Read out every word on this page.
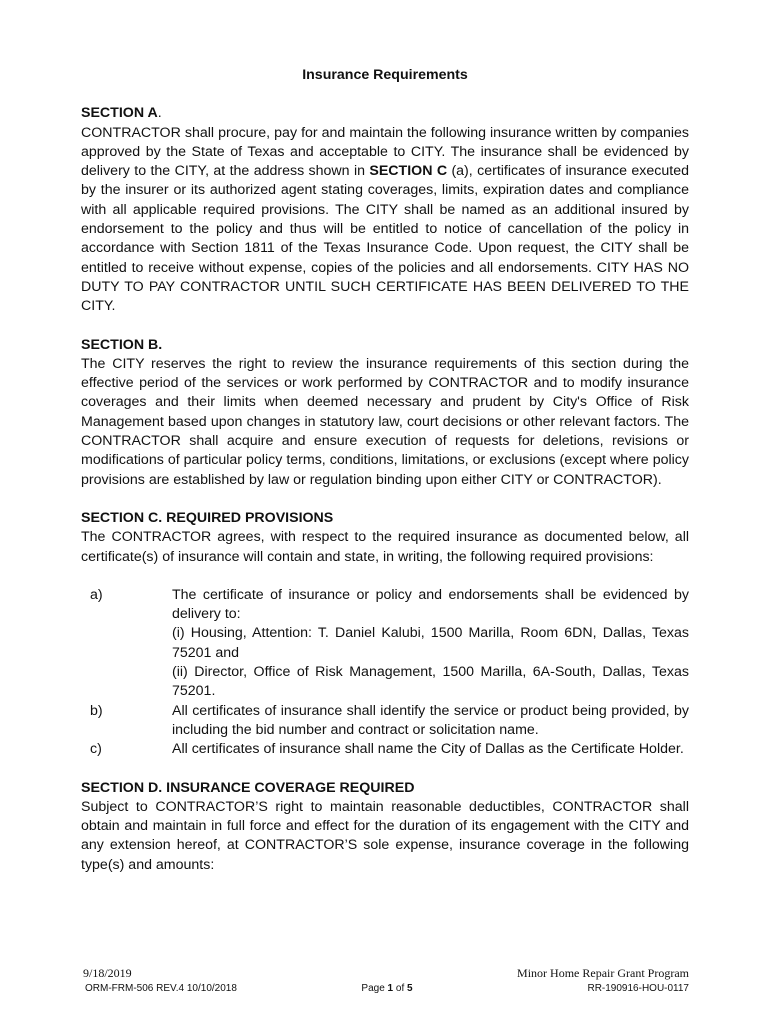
Insurance Requirements
SECTION A.
CONTRACTOR shall procure, pay for and maintain the following insurance written by companies approved by the State of Texas and acceptable to CITY. The insurance shall be evidenced by delivery to the CITY, at the address shown in SECTION C (a), certificates of insurance executed by the insurer or its authorized agent stating coverages, limits, expiration dates and compliance with all applicable required provisions. The CITY shall be named as an additional insured by endorsement to the policy and thus will be entitled to notice of cancellation of the policy in accordance with Section 1811 of the Texas Insurance Code. Upon request, the CITY shall be entitled to receive without expense, copies of the policies and all endorsements. CITY HAS NO DUTY TO PAY CONTRACTOR UNTIL SUCH CERTIFICATE HAS BEEN DELIVERED TO THE CITY.
SECTION B.
The CITY reserves the right to review the insurance requirements of this section during the effective period of the services or work performed by CONTRACTOR and to modify insurance coverages and their limits when deemed necessary and prudent by City's Office of Risk Management based upon changes in statutory law, court decisions or other relevant factors. The CONTRACTOR shall acquire and ensure execution of requests for deletions, revisions or modifications of particular policy terms, conditions, limitations, or exclusions (except where policy provisions are established by law or regulation binding upon either CITY or CONTRACTOR).
SECTION C. REQUIRED PROVISIONS
The CONTRACTOR agrees, with respect to the required insurance as documented below, all certificate(s) of insurance will contain and state, in writing, the following required provisions:
a)	The certificate of insurance or policy and endorsements shall be evidenced by delivery to:
(i) Housing, Attention: T. Daniel Kalubi, 1500 Marilla, Room 6DN, Dallas, Texas 75201 and
(ii) Director, Office of Risk Management, 1500 Marilla, 6A-South, Dallas, Texas 75201.
b)	All certificates of insurance shall identify the service or product being provided, by including the bid number and contract or solicitation name.
c)	All certificates of insurance shall name the City of Dallas as the Certificate Holder.
SECTION D. INSURANCE COVERAGE REQUIRED
Subject to CONTRACTOR’S right to maintain reasonable deductibles, CONTRACTOR shall obtain and maintain in full force and effect for the duration of its engagement with the CITY and any extension hereof, at CONTRACTOR’S sole expense, insurance coverage in the following type(s) and amounts:
9/18/2019	Minor Home Repair Grant Program
ORM-FRM-506 REV.4 10/10/2018	Page 1 of 5	RR-190916-HOU-0117
